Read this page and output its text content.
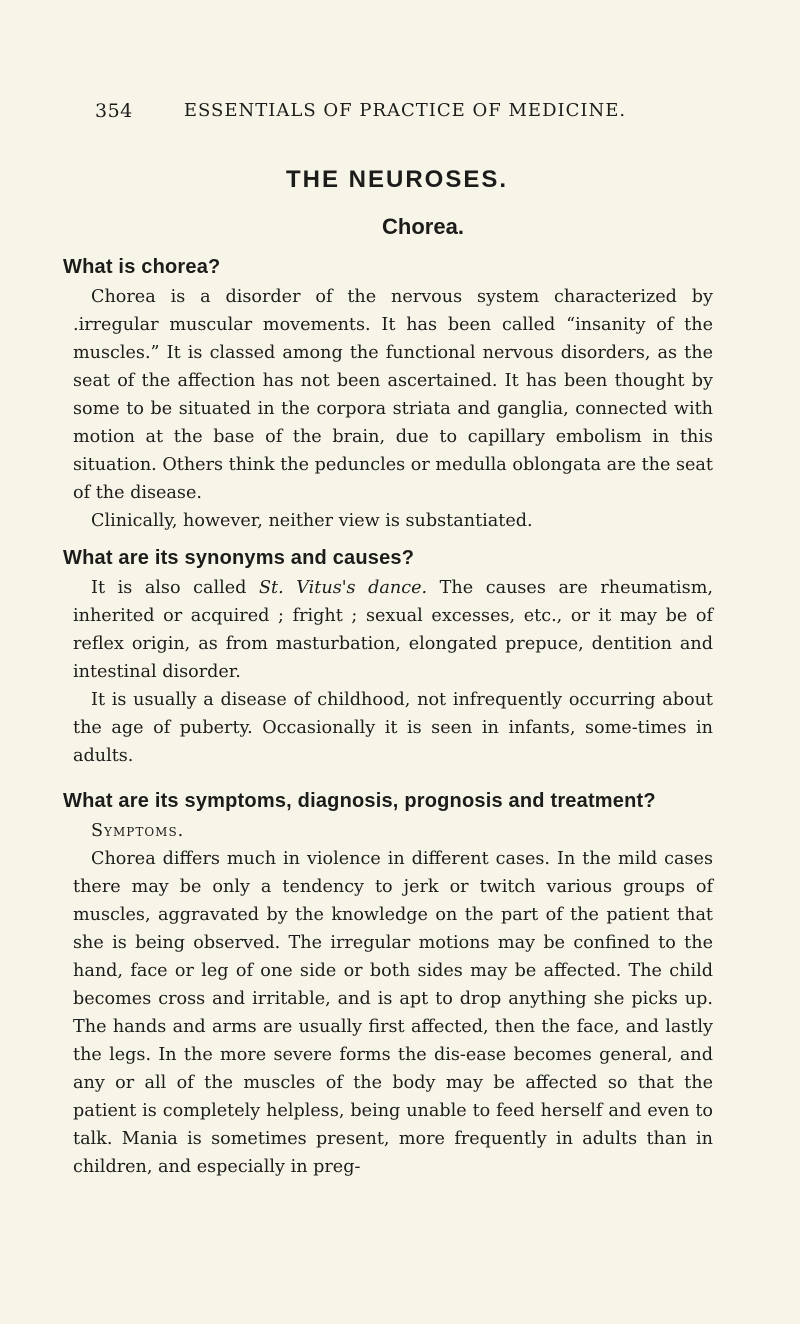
354	ESSENTIALS OF PRACTICE OF MEDICINE.
THE NEUROSES.
Chorea.
What is chorea?

Chorea is a disorder of the nervous system characterized by .irregular muscular movements. It has been called “insanity of the muscles.” It is classed among the functional nervous disorders, as the seat of the affection has not been ascertained. It has been thought by some to be situated in the corpora striata and ganglia, connected with motion at the base of the brain, due to capillary embolism in this situation. Others think the peduncles or medulla oblongata are the seat of the disease.

Clinically, however, neither view is substantiated.

What are its synonyms and causes?

It is also called St. Vitus's dance. The causes are rheumatism, inherited or acquired ; fright ; sexual excesses, etc., or it may be of reflex origin, as from masturbation, elongated prepuce, dentition and intestinal disorder.

It is usually a disease of childhood, not infrequently occurring about the age of puberty. Occasionally it is seen in infants, some-times in adults.

What are its symptoms, diagnosis, prognosis and treatment?

Symptoms.

Chorea differs much in violence in different cases. In the mild cases there may be only a tendency to jerk or twitch various groups of muscles, aggravated by the knowledge on the part of the patient that she is being observed. The irregular motions may be confined to the hand, face or leg of one side or both sides may be affected. The child becomes cross and irritable, and is apt to drop anything she picks up. The hands and arms are usually first affected, then the face, and lastly the legs. In the more severe forms the dis-ease becomes general, and any or all of the muscles of the body may be affected so that the patient is completely helpless, being unable to feed herself and even to talk. Mania is sometimes present, more frequently in adults than in children, and especially in preg-
